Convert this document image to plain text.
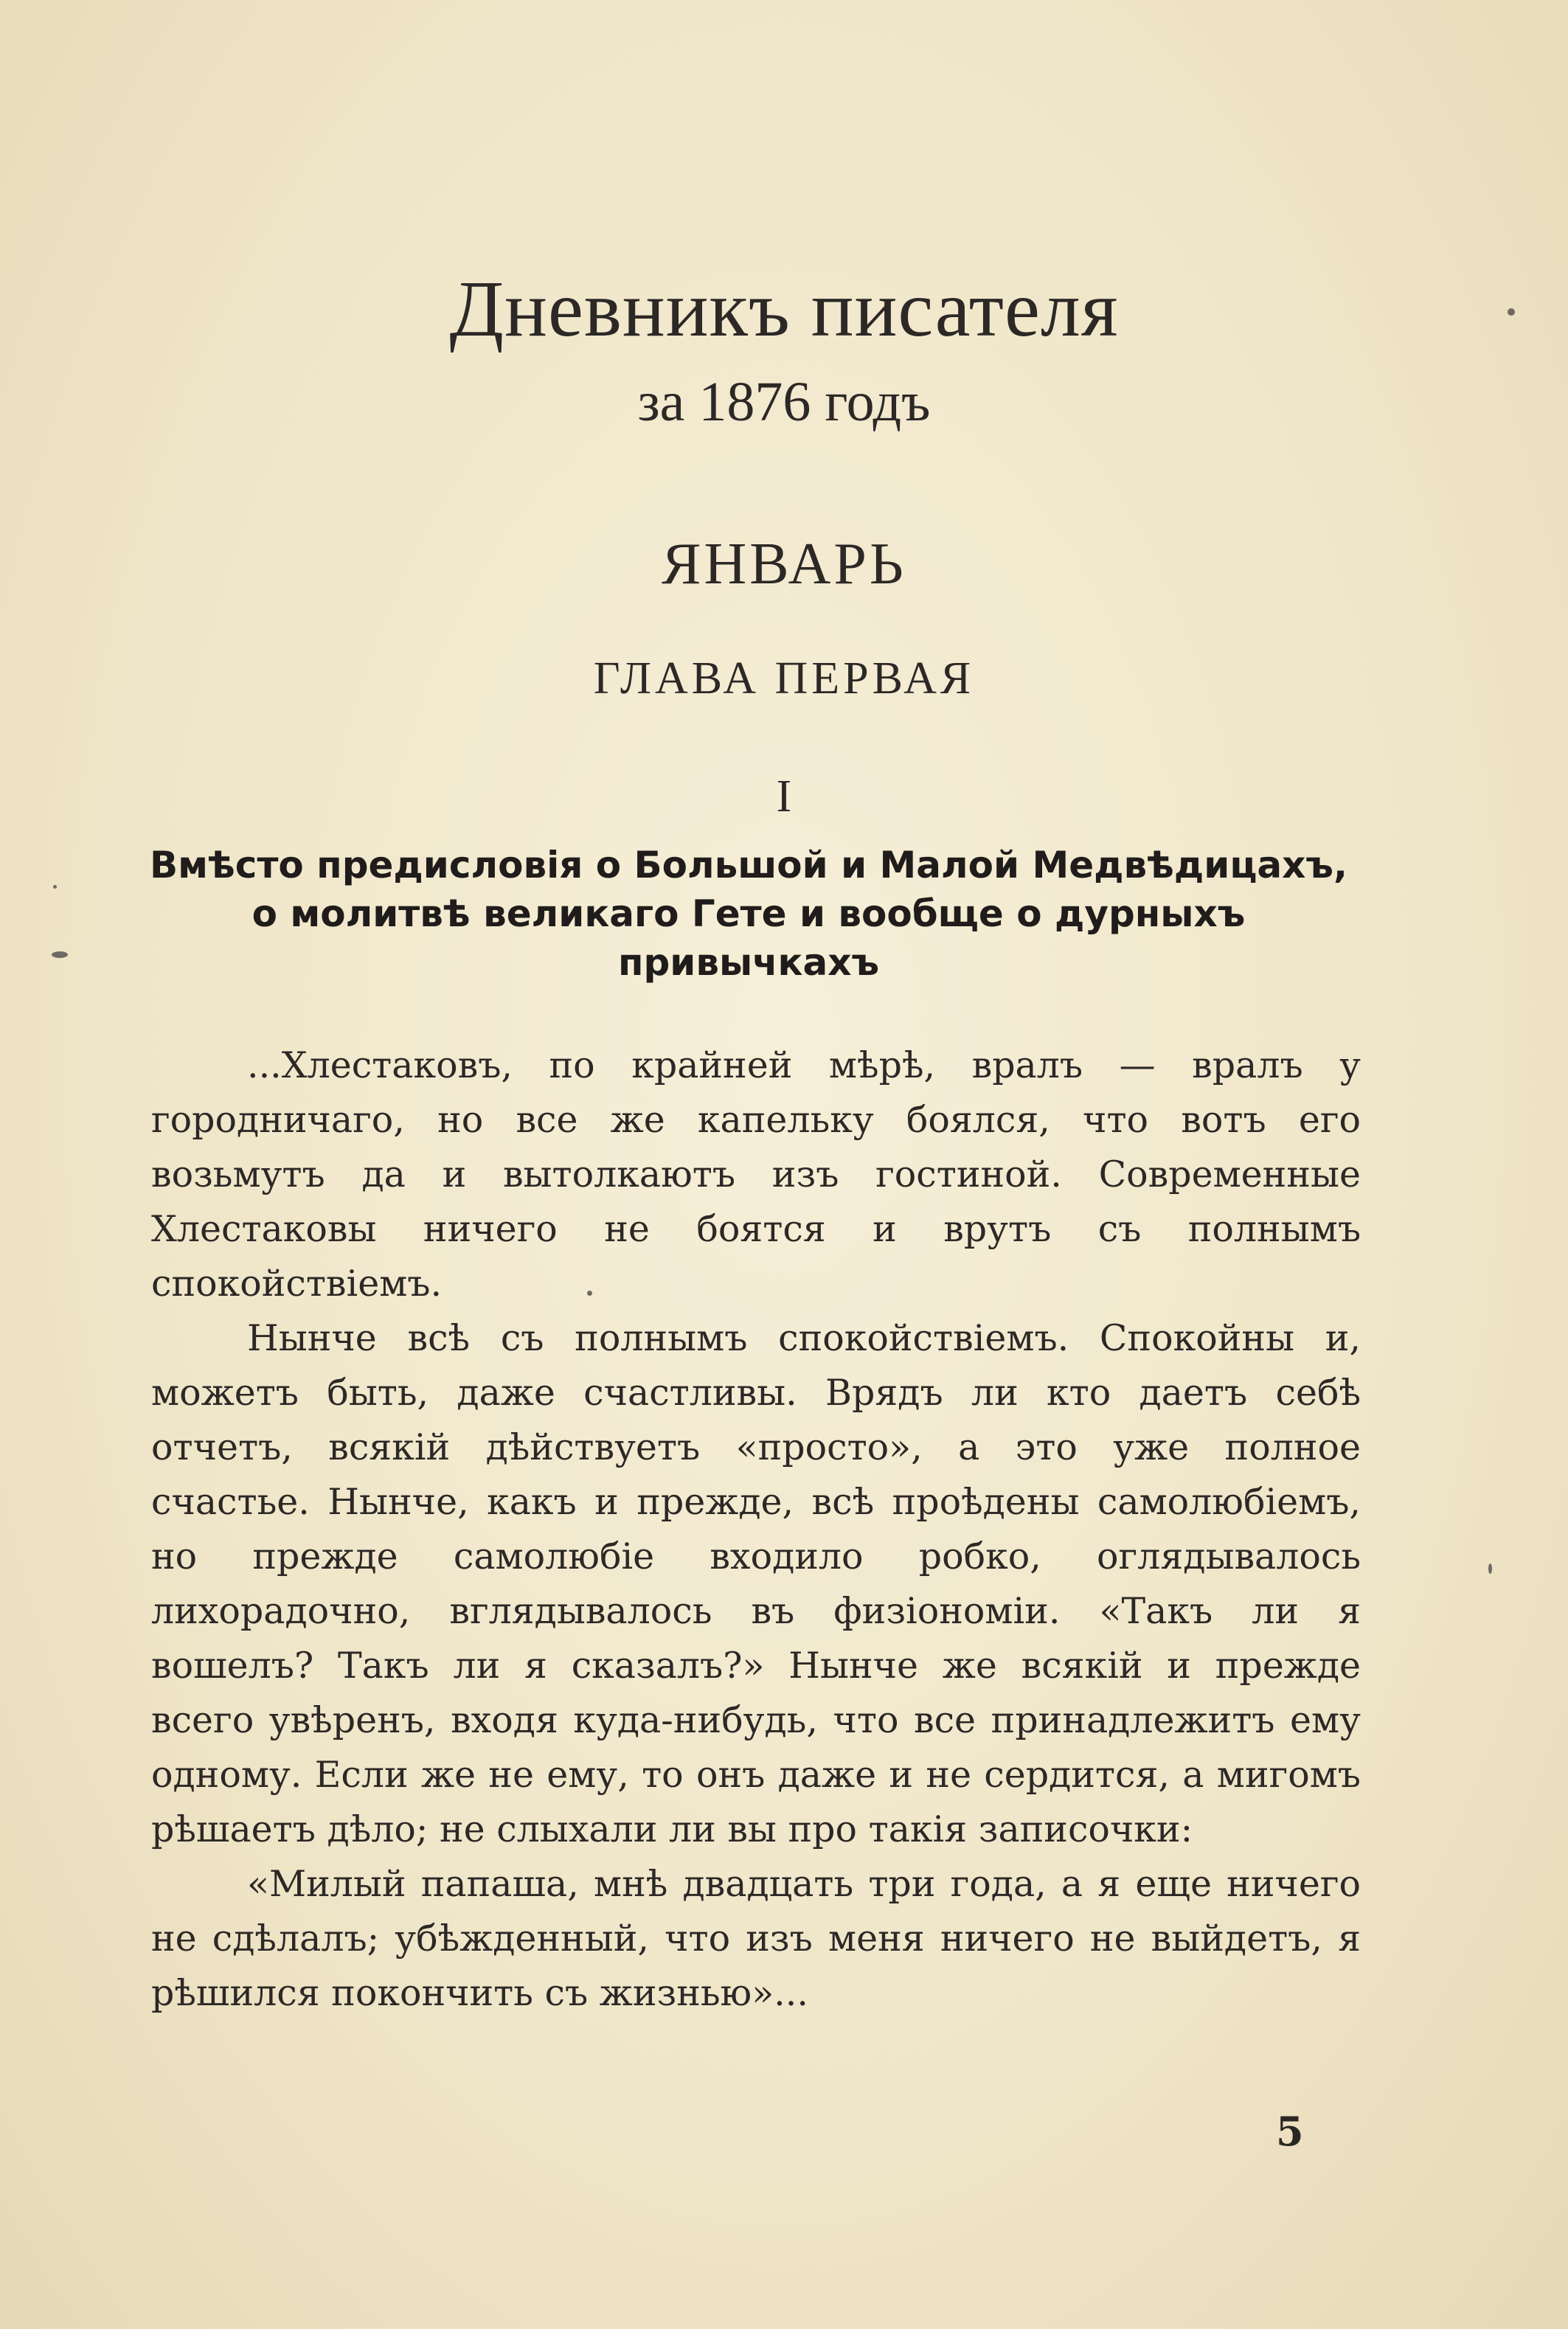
Дневникъ писателя
за 1876 годъ
ЯНВАРЬ
ГЛАВА ПЕРВАЯ
I
Вмѣсто предисловія о Большой и Малой Медвѣдицахъ, о молитвѣ великаго Гете и вообще о дурныхъ привычкахъ

...Хлестаковъ, по крайней мѣрѣ, вралъ — вралъ у городничаго, но все же капельку боялся, что вотъ его возьмутъ да и вытолкаютъ изъ гостиной. Современные Хлестаковы ничего не боятся и врутъ съ полнымъ спокойствіемъ.

Нынче всѣ съ полнымъ спокойствіемъ. Спокойны и, можетъ быть, даже счастливы. Врядъ ли кто даетъ себѣ отчетъ, всякій дѣйствуетъ «просто», а это уже полное счастье. Нынче, какъ и прежде, всѣ проѣдены самолюбіемъ, но прежде самолюбіе входило робко, оглядывалось лихорадочно, вглядывалось въ физіономіи. «Такъ ли я вошелъ? Такъ ли я сказалъ?» Нынче же всякій и прежде всего увѣренъ, входя куда-нибудь, что все принадлежитъ ему одному. Если же не ему, то онъ даже и не сердится, а мигомъ рѣшаетъ дѣло; не слыхали ли вы про такія записочки:

«Милый папаша, мнѣ двадцать три года, а я еще ничего не сдѣлалъ; убѣжденный, что изъ меня ничего не выйдетъ, я рѣшился покончить съ жизнью»...

5
